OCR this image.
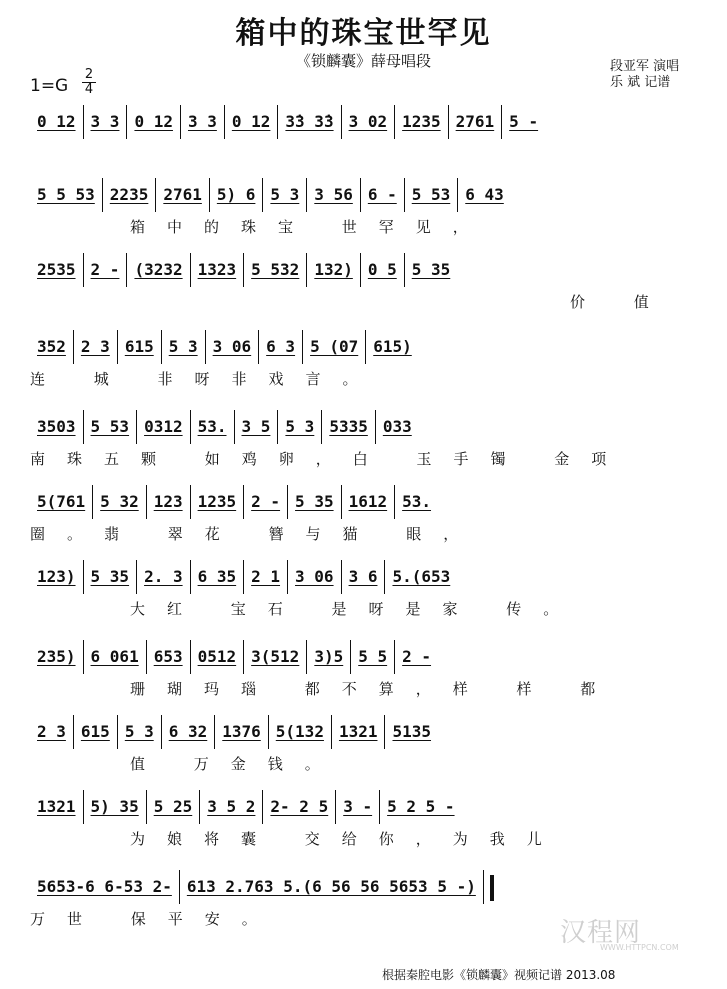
箱中的珠宝世罕见
《锁麟囊》薛母唱段	段亚军 演唱
乐 斌 记谱
1=G
2
4
0 12 3 3 0 12 3 3 0 12 3̇3 3̇3 3 02 1235 2761 5 -
5 5 53 2235 2761 5) 6 5 3 3 56 6 - 5 53 6 43
箱中的珠宝 世罕见，
2535 2 - (3232 1323 5 532 132) 0 5 5 35
价 值
352 2 3 615 5 3 3 06 6 3 5 (07 615)
连 城 非呀非戏言。
3503 5 53 0312 53. 3 5 5 3 5335 033
南珠五颗 如鸡卵，白 玉手镯 金项
5(761 5 32 123 1235 2 - 5 35 1612 53.
圈。翡 翠花 簪与猫 眼，
123) 5 35 2. 3 6 35 2 1 3 06 3 6 5.(653
大红 宝石 是呀是家 传。
235) 6 061 653 0512 3(512 3)5 5 5 2 -
珊瑚玛瑙 都不算，样 样 都
2 3 615 5 3 6 32 1376 5(132 1321 5135
值 万金钱。
1321 5) 35 5 25 3 5 2 2- 2 5 3 - 5 2 5 -
为娘将囊 交给你，为我儿
5653-6 6-53 2- 613 2.763 5.(6 56 56 5653 5 -)
万世 保平安。	汉程网
WWW.HTTPCN.COM
根据秦腔电影《锁麟囊》视频记谱 2013.08
